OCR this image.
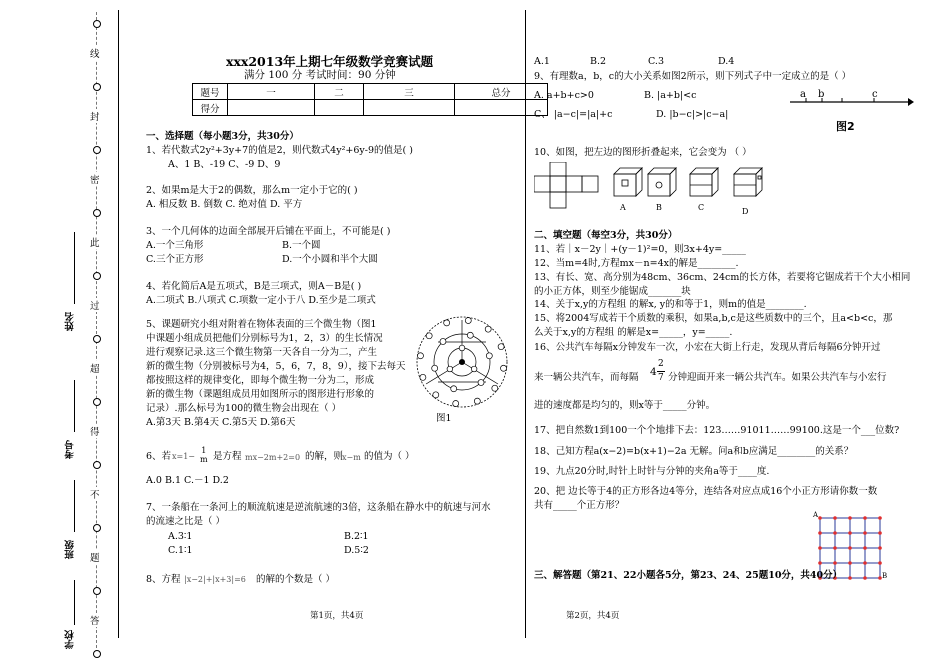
线
封
密
此
过
超
得
不
题
答
姓名
考号
班级
学校
xxx2013年上期七年级数学竞赛试题
满分 100 分 考试时间：90 分钟
题号	一	二	三	总分
得分				
一、选择题（每小题3分，共30分）
1、若代数式2y²+3y+7的值是2，则代数式4y²+6y-9的值是( )
A、1 B、-19 C、-9 D、9
2、如果m是大于2的偶数，那么m一定小于它的( )
A. 相反数 B. 倒数 C. 绝对值 D. 平方
3、一个几何体的边面全部展开后铺在平面上，不可能是( )
A.一个三角形	B.一个圆
C.三个正方形	D.一个小圆和半个大圆
4、若化简后A是五项式，B是三项式，则A－B是( )
A.二项式 B.八项式 C.项数一定小于八 D.至少是二项式
5、课题研究小组对附着在物体表面的三个微生物（图1
中课题小组成员把他们分别标号为1，2，3）的生长情况
进行观察记录.这三个微生物第一天各自一分为二，产生
新的微生物（分别被标号为4，5，6，7，8，9），接下去每天
都按照这样的规律变化，即每个微生物一分为二，形成
新的微生物（课题组成员用如图所示的图形进行形象的
记录）.那么标号为100的微生物会出现在（ ）
A.第3天 B.第4天 C.第5天 D.第6天	图1
6、若 x=1−
1
m 是方程 mx−2m+2=0 的解，则
x−m 的值为（ ）
A.0 B.1 C.－1 D.2
7、一条船在一条河上的顺流航速是逆流航速的3倍，这条船在静水中的航速与河水
的流速之比是（ ）
A.3∶1	B.2∶1
C.1∶1	D.5∶2
8、方程 |x−2|+|x+3|=6 的解的个数是（ ）
第1页，共4页
A.1	B.2	C.3	D.4
9、有理数a，b，c的大小关系如图2所示，则下列式子中一定成立的是（ ）
A. a+b+c>0	B. |a+b|<c
C、 |a−c|=|a|+c	D. |b−c|>|c−a|
a b	c
图2
10、如图，把左边的图形折叠起来，它会变为 （ ）
A	B	C	D
二、填空题（每空3分，共30分）
11、若｜x－2y｜+(y－1)²=0，则3x+4y=_____
12、当m=4时,方程mx－n=4x的解是________.
13、有长、宽、高分别为48cm、36cm、24cm的长方体，若要将它锯成若干个大小相同
的小正方体，则至少能锯成_______块
14、关于x,y的方程组 的解x, y的和等于1，则m的值是________.
15、将2004写成若干个质数的乘积，如果a,b,c是这些质数中的三个，且a<b<c，那
么关于x,y的方程组 的解是x=_____，y=_____.
16、公共汽车每隔x分钟发车一次，小宏在大街上行走，发现从背后每隔6分钟开过
来一辆公共汽车，而每隔 4
2
7 分钟迎面开来一辆公共汽车。如果公共汽车与小宏行
进的速度都是均匀的，则x等于_____分钟。
17、把自然数1到100一个个地排下去：123……91011……99100.这是一个___位数?
18、己知方程a(x−2)=b(x+1)−2a 无解。问a和b应满足________的关系？
19、九点20分时,时针上时针与分钟的夹角a等于____度.
20、把 边长等于4的正方形各边4等分，连结各对应点成16个小正方形请你数一数
共有_____个正方形？
A
B
三、解答题（第21、22小题各5分，第23、24、25题10分，共40分）
第2页，共4页
